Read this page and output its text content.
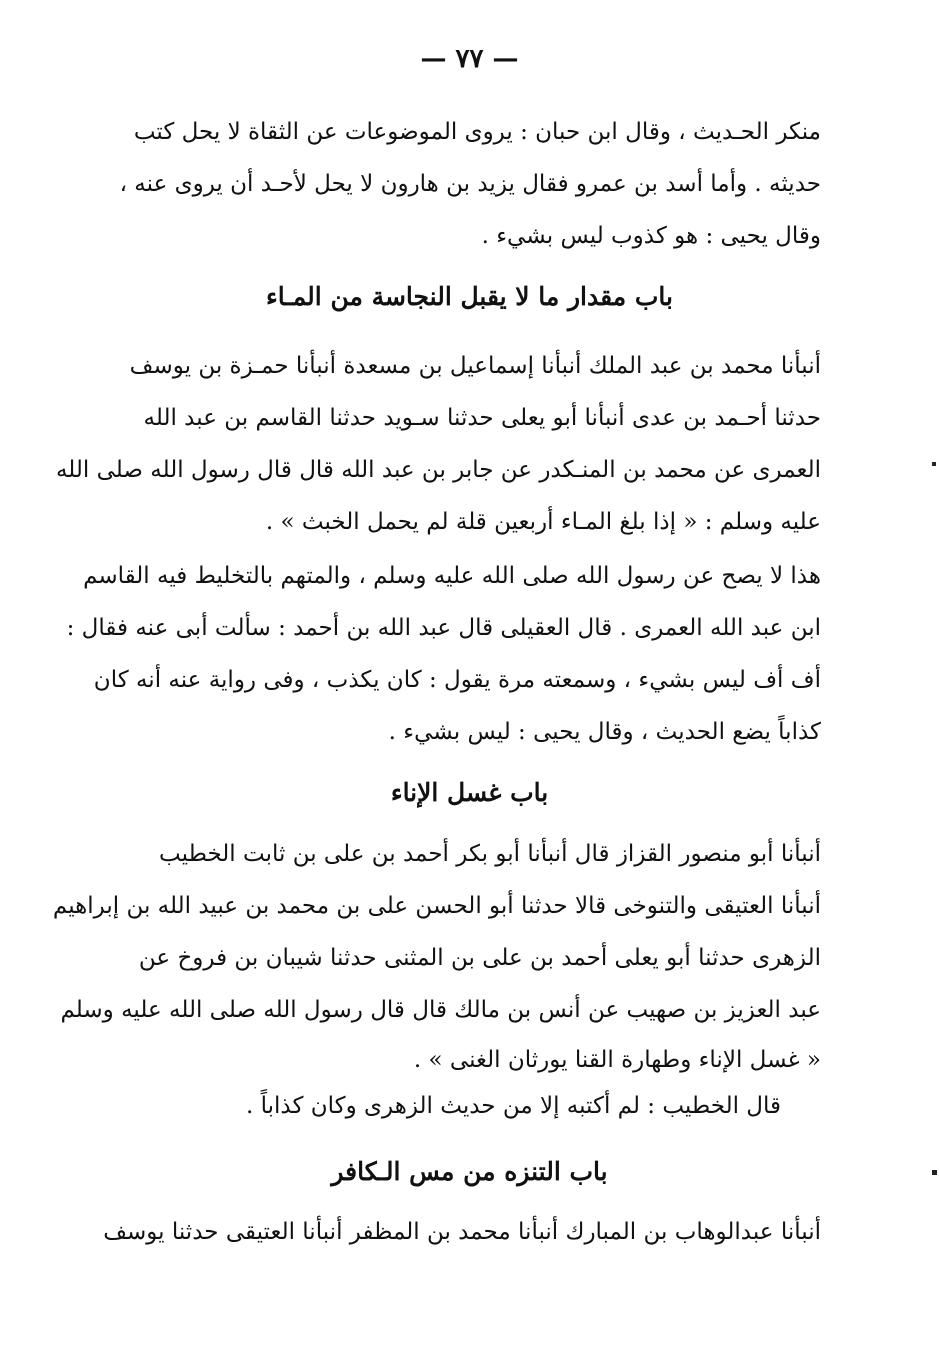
— ٧٧ —
منكر الحـديث ، وقال ابن حبان : يروى الموضوعات عن الثقاة لا يحل كتب
حديثه . وأما أسد بن عمرو فقال يزيد بن هارون لا يحل لأحـد أن يروى عنه ،
وقال يحيى : هو كذوب ليس بشيء .
باب مقدار ما لا يقبل النجاسة من المـاء
أنبأنا محمد بن عبد الملك أنبأنا إسماعيل بن مسعدة أنبأنا حمـزة بن يوسف
حدثنا أحـمد بن عدى أنبأنا أبو يعلى حدثنا سـويد حدثنا القاسم بن عبد الله
العمرى عن محمد بن المنـكدر عن جابر بن عبد الله قال قال رسول الله صلى الله
عليه وسلم : « إذا بلغ المـاء أربعين قلة لم يحمل الخبث » .
هذا لا يصح عن رسول الله صلى الله عليه وسلم ، والمتهم بالتخليط فيه القاسم
ابن عبد الله العمرى . قال العقيلى قال عبد الله بن أحمد : سألت أبى عنه فقال :
أف أف ليس بشيء ، وسمعته مرة يقول : كان يكذب ، وفى رواية عنه أنه كان
كذاباً يضع الحديث ، وقال يحيى : ليس بشيء .
باب غسل الإناء
أنبأنا أبو منصور القزاز قال أنبأنا أبو بكر أحمد بن على بن ثابت الخطيب
أنبأنا العتيقى والتنوخى قالا حدثنا أبو الحسن على بن محمد بن عبيد الله بن إبراهيم
الزهرى حدثنا أبو يعلى أحمد بن على بن المثنى حدثنا شيبان بن فروخ عن
عبد العزيز بن صهيب عن أنس بن مالك قال قال رسول الله صلى الله عليه وسلم
« غسل الإناء وطهارة القنا يورثان الغنى » .
قال الخطيب : لم أكتبه إلا من حديث الزهرى وكان كذاباً .
باب التنزه من مس الـكافر
أنبأنا عبدالوهاب بن المبارك أنبأنا محمد بن المظفر أنبأنا العتيقى حدثنا يوسف
